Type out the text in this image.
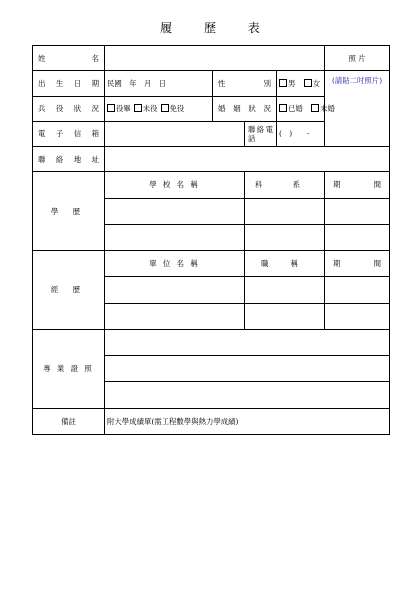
履 歷 表
姓 名					照 片
出 生 日 期	民國　年　月　日	性 別		男 女	(請貼二吋照片)

兵 役 狀 況	役畢 未役 免役	婚 姻 狀 況		已婚 未婚	
電 子 信 箱			聯絡電話	(　)　　-	
聯 絡 地 址					
學 歷	學 校 名 稱		科 系		期 間

經 歷	單 位 名 稱		職 稱		期 間

專 業 證 照					

備註	附大學成績單(需工程數學與熱力學成績)				
